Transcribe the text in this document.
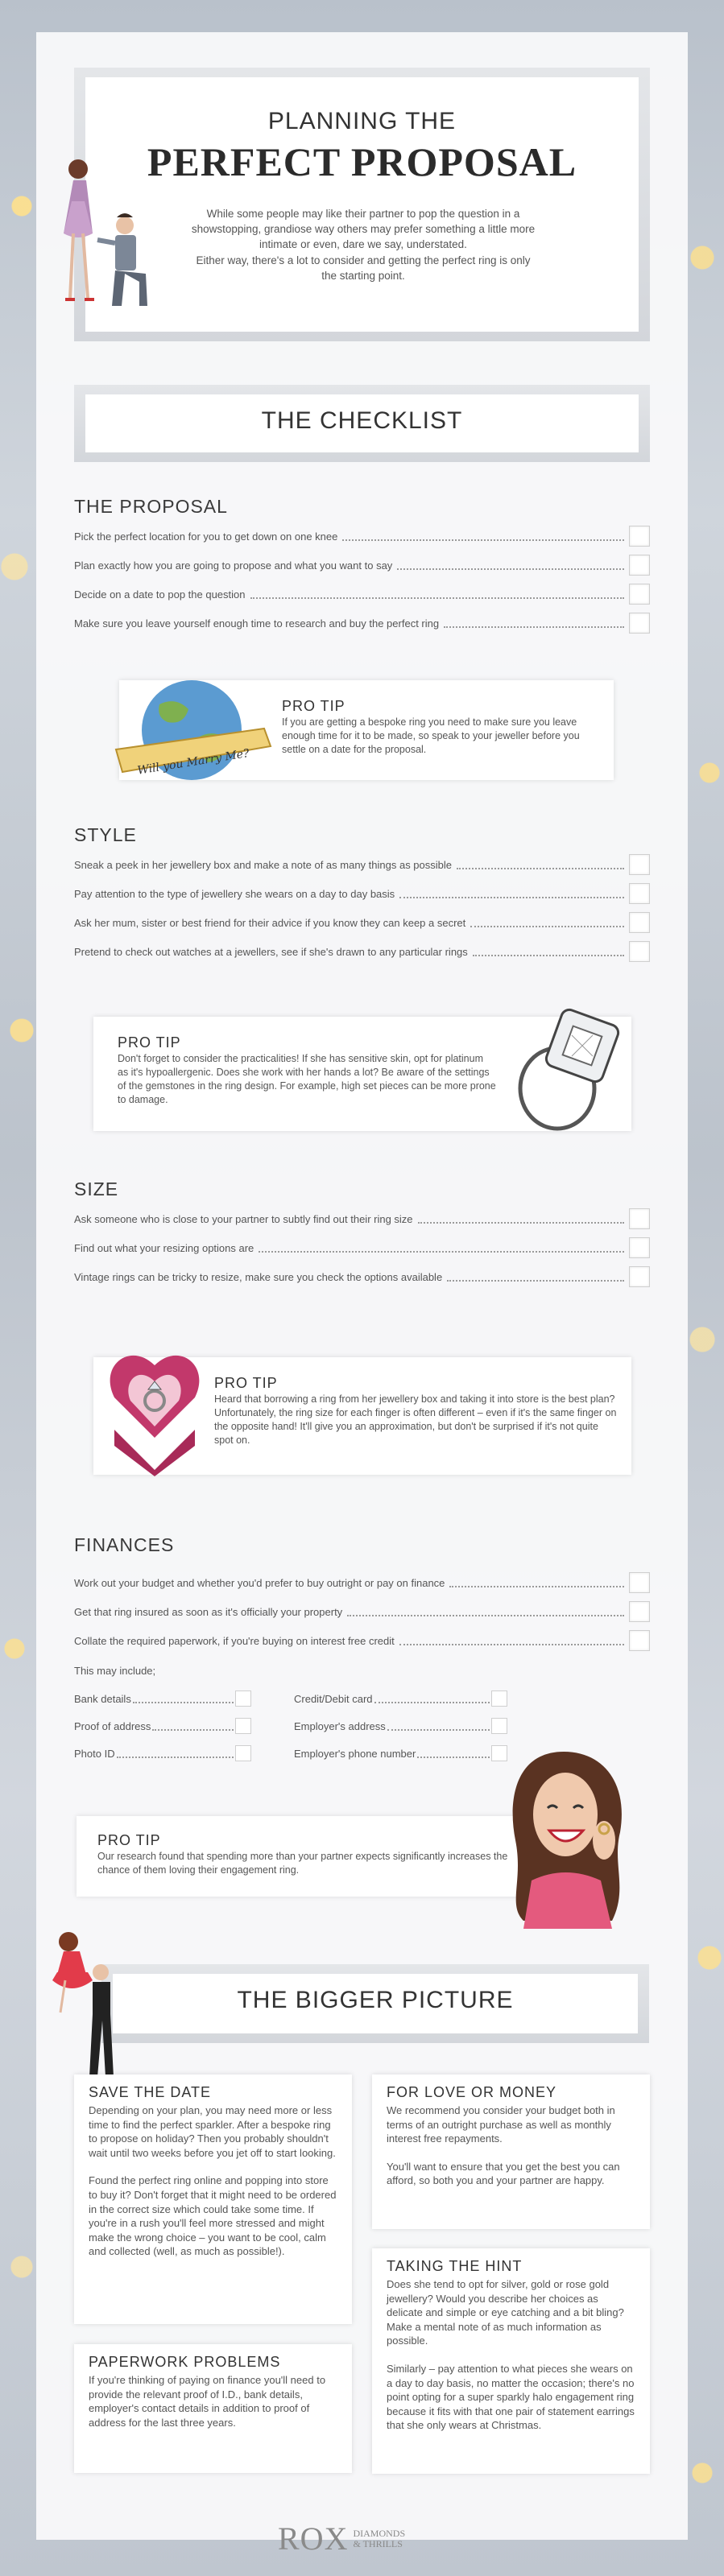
PLANNING THE
PERFECT PROPOSAL
While some people may like their partner to pop the question in a showstopping, grandiose way others may prefer something a little more intimate or even, dare we say, understated.
Either way, there's a lot to consider and getting the perfect ring is only the starting point.
THE CHECKLIST
THE PROPOSAL
Pick the perfect location for you to get down on one knee
Plan exactly how you are going to propose and what you want to say
Decide on a date to pop the question
Make sure you leave yourself enough time to research and buy the perfect ring
PRO TIP
If you are getting a bespoke ring you need to make sure you leave enough time for it to be made, so speak to your jeweller before you settle on a date for the proposal.
Will you Marry Me?
STYLE
Sneak a peek in her jewellery box and make a note of as many things as possible
Pay attention to the type of jewellery she wears on a day to day basis
Ask her mum, sister or best friend for their advice if you know they can keep a secret
Pretend to check out watches at a jewellers, see if she's drawn to any particular rings
PRO TIP
Don't forget to consider the practicalities! If she has sensitive skin, opt for platinum as it's hypoallergenic. Does she work with her hands a lot? Be aware of the settings of the gemstones in the ring design. For example, high set pieces can be more prone to damage.
SIZE
Ask someone who is close to your partner to subtly find out their ring size
Find out what your resizing options are
Vintage rings can be tricky to resize, make sure you check the options available
PRO TIP
Heard that borrowing a ring from her jewellery box and taking it into store is the best plan? Unfortunately, the ring size for each finger is often different – even if it's the same finger on the opposite hand! It'll give you an approximation, but don't be surprised if it's not quite spot on.
FINANCES
Work out your budget and whether you'd prefer to buy outright or pay on finance
Get that ring insured as soon as it's officially your property
Collate the required paperwork, if you're buying on interest free credit
This may include;
Bank details
Proof of address
Photo ID
Credit/Debit card
Employer's address
Employer's phone number
PRO TIP
Our research found that spending more than your partner expects significantly increases the chance of them loving their engagement ring.
THE BIGGER PICTURE
SAVE THE DATE

Depending on your plan, you may need more or less time to find the perfect sparkler. After a bespoke ring to propose on holiday? Then you probably shouldn't wait until two weeks before you jet off to start looking.

Found the perfect ring online and popping into store to buy it? Don't forget that it might need to be ordered in the correct size which could take some time. If you're in a rush you'll feel more stressed and might make the wrong choice – you want to be cool, calm and collected (well, as much as possible!).

FOR LOVE OR MONEY

We recommend you consider your budget both in terms of an outright purchase as well as monthly interest free repayments.

You'll want to ensure that you get the best you can afford, so both you and your partner are happy.

TAKING THE HINT

Does she tend to opt for silver, gold or rose gold jewellery? Would you describe her choices as delicate and simple or eye catching and a bit bling? Make a mental note of as much information as possible.

Similarly – pay attention to what pieces she wears on a day to day basis, no matter the occasion; there's no point opting for a super sparkly halo engagement ring because it fits with that one pair of statement earrings that she only wears at Christmas.

PAPERWORK PROBLEMS

If you're thinking of paying on finance you'll need to provide the relevant proof of I.D., bank details, employer's contact details in addition to proof of address for the last three years.

ROX DIAMONDS
& THRILLS
